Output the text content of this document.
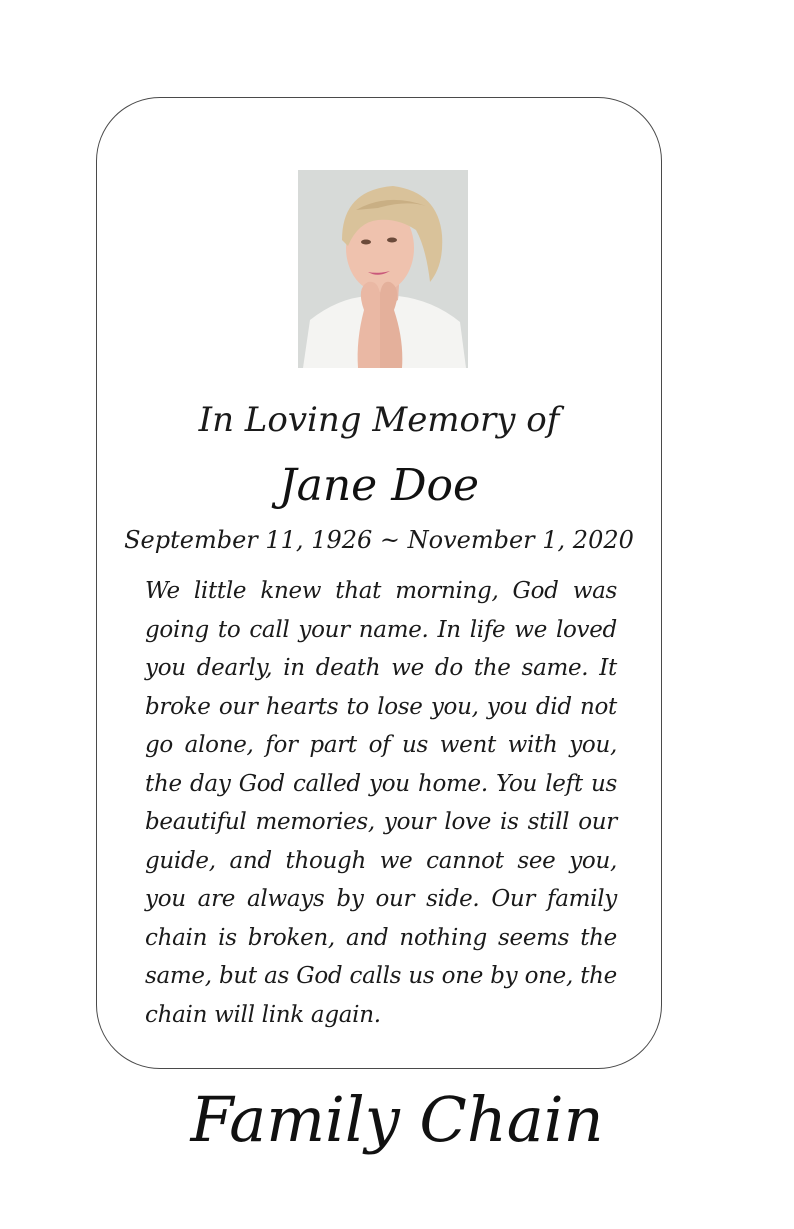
In Loving Memory of
Jane Doe
September 11, 1926 ~ November 1, 2020

We little knew that morning, God was going to call your name. In life we loved you dearly, in death we do the same. It broke our hearts to lose you, you did not go alone, for part of us went with you, the day God called you home. You left us beautiful memories, your love is still our guide, and though we cannot see you, you are always by our side. Our family chain is broken, and nothing seems the same, but as God calls us one by one, the chain will link again.

Family Chain
